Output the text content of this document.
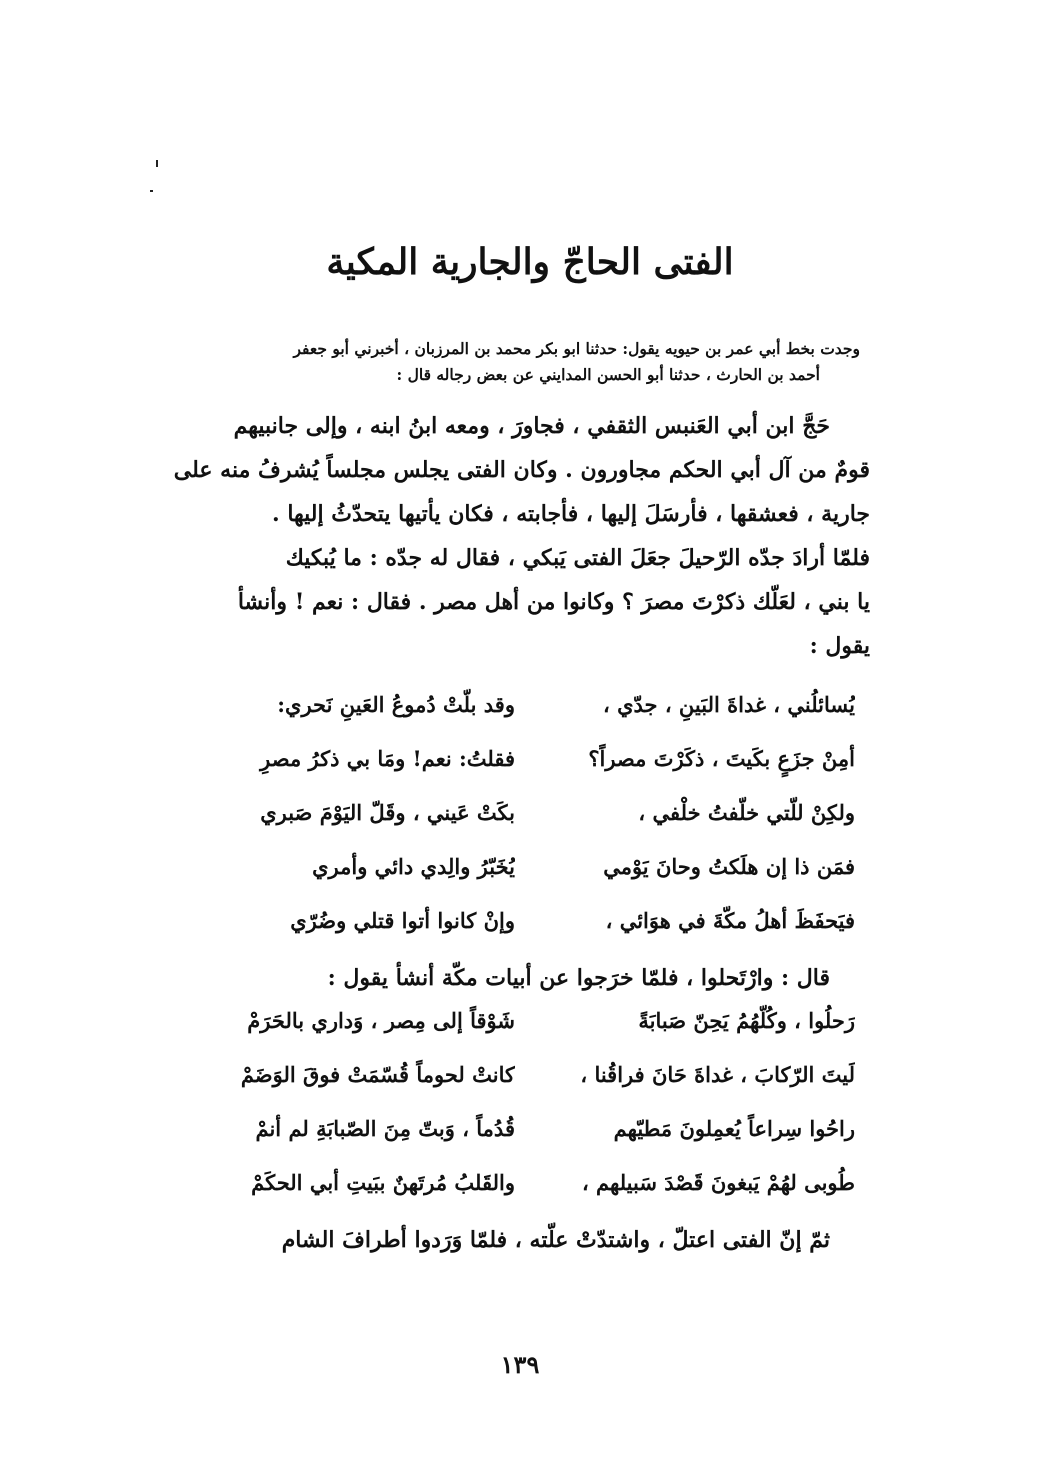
الفتى الحاجّ والجارية المكية
وجدت بخط أبي عمر بن حيويه يقول: حدثنا ابو بكر محمد بن المرزبان ، أخبرني أبو جعفر
أحمد بن الحارث ، حدثنا أبو الحسن المدايني عن بعض رجاله قال :
حَجَّ ابن أبي العَنبس الثقفي ، فجاورَ ، ومعه ابنُ ابنه ، وإلى جانبيهم
قومٌ من آل أبي الحكم مجاورون . وكان الفتى يجلس مجلساً يُشرفُ منه على
جارية ، فعشقها ، فأرسَلَ إليها ، فأجابته ، فكان يأتيها يتحدّثُ إليها .
فلمّا أرادَ جدّه الرّحيلَ جعَلَ الفتى يَبكي ، فقال له جدّه : ما يُبكيك
يا بني ، لعَلّك ذكرْتَ مصرَ ؟ وكانوا من أهل مصر . فقال : نعم ! وأنشأ
يقول :
يُسائلُني ، غداةَ البَينِ ، جدّي ،
وقد بلّتْ دُموعُ العَينِ نَحري:
أمِنْ جزَعٍ بكَيتَ ، ذكَرْتَ مصراً؟
فقلتُ: نعم! ومَا بي ذكرُ مصرِ
ولكِنْ للّتي خلّفتُ خلْفي ،
بكَتْ عَيني ، وقَلّ اليَوْمَ صَبري
فمَن ذا إن هلَكتُ وحانَ يَوْمي
يُخَبّرُ والِدي دائي وأمري
فيَحفَظَ أهلُ مكّةَ في هوَائي ،
وإنْ كانوا أتوا قتلي وضُرّي
قال : وارْتَحلوا ، فلمّا خرَجوا عن أبيات مكّة أنشأ يقول :
رَحلُوا ، وكُلّهُمُ يَحِنّ صَبابَةً
شَوْقاً إلى مِصر ، وَداري بالحَرَمْ
لَيتَ الرّكابَ ، غداةَ حَانَ فراقُنا ،
كانتْ لحوماً قُسّمَتْ فوقَ الوَضَمْ
راحُوا سِراعاً يُعمِلونَ مَطيّهم
قُدُماً ، وَبتّ مِنَ الصّبابَةِ لم أنمْ
طُوبى لهُمْ يَبغونَ قَصْدَ سَبيلهم ،
والقَلبُ مُرتَهنٌ ببَيتِ أبي الحكَمْ
ثمّ إنّ الفتى اعتلّ ، واشتدّتْ علّته ، فلمّا وَرَدوا أطرافَ الشام
١٣٩
